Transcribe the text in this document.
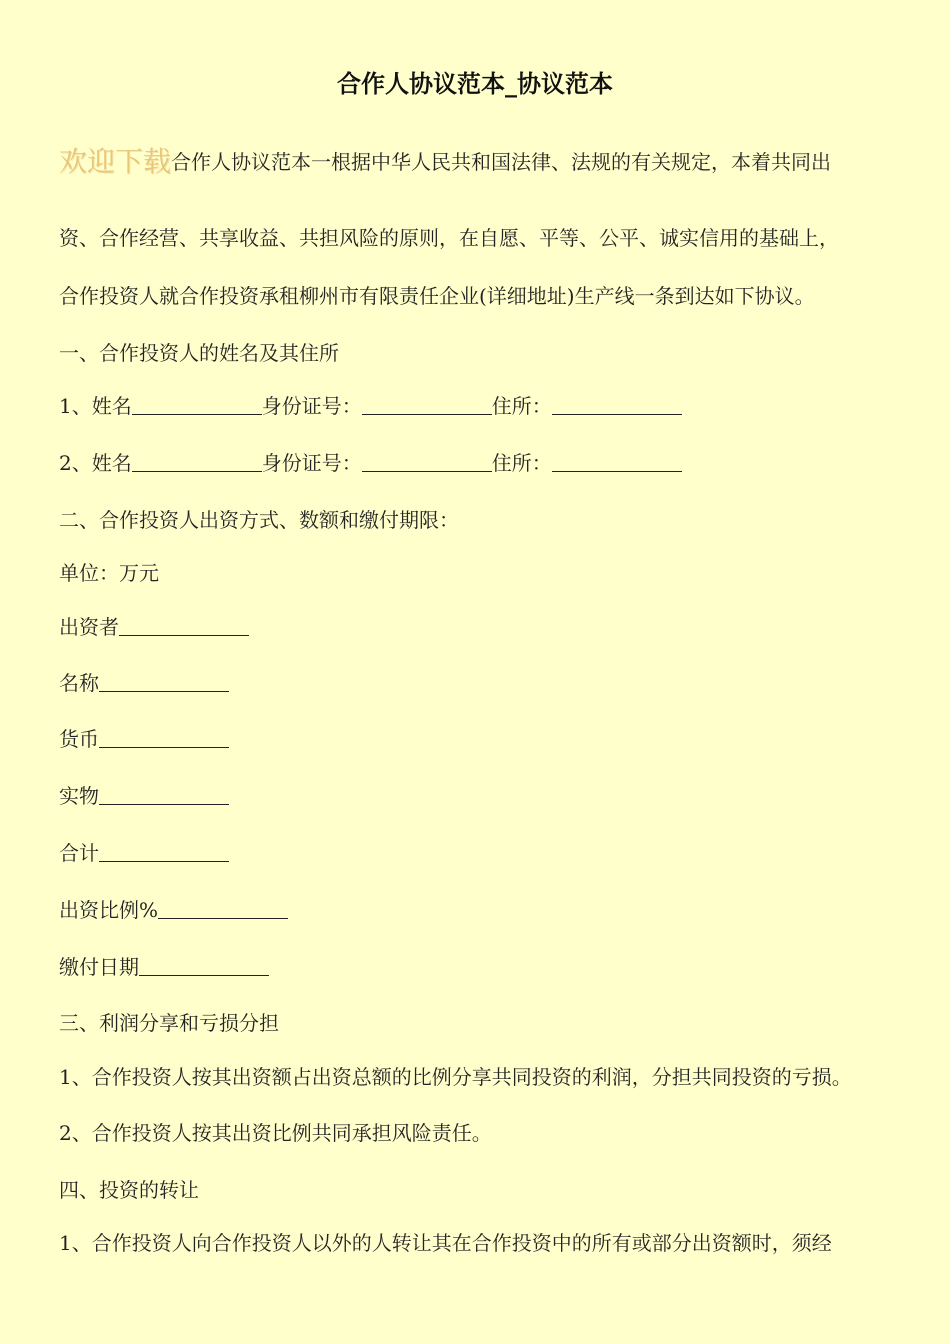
合作人协议范本_协议范本
欢迎下载合作人协议范本一根据中华人民共和国法律、法规的有关规定，本着共同出
资、合作经营、共享收益、共担风险的原则，在自愿、平等、公平、诚实信用的基础上，
合作投资人就合作投资承租柳州市有限责任企业(详细地址)生产线一条到达如下协议。
一、合作投资人的姓名及其住所
1、姓名	身份证号：	住所：
2、姓名	身份证号：	住所：
二、合作投资人出资方式、数额和缴付期限：
单位：万元
出资者
名称
货币
实物
合计
出资比例%
缴付日期
三、利润分享和亏损分担
1、合作投资人按其出资额占出资总额的比例分享共同投资的利润，分担共同投资的亏损。
2、合作投资人按其出资比例共同承担风险责任。
四、投资的转让
1、合作投资人向合作投资人以外的人转让其在合作投资中的所有或部分出资额时，须经
